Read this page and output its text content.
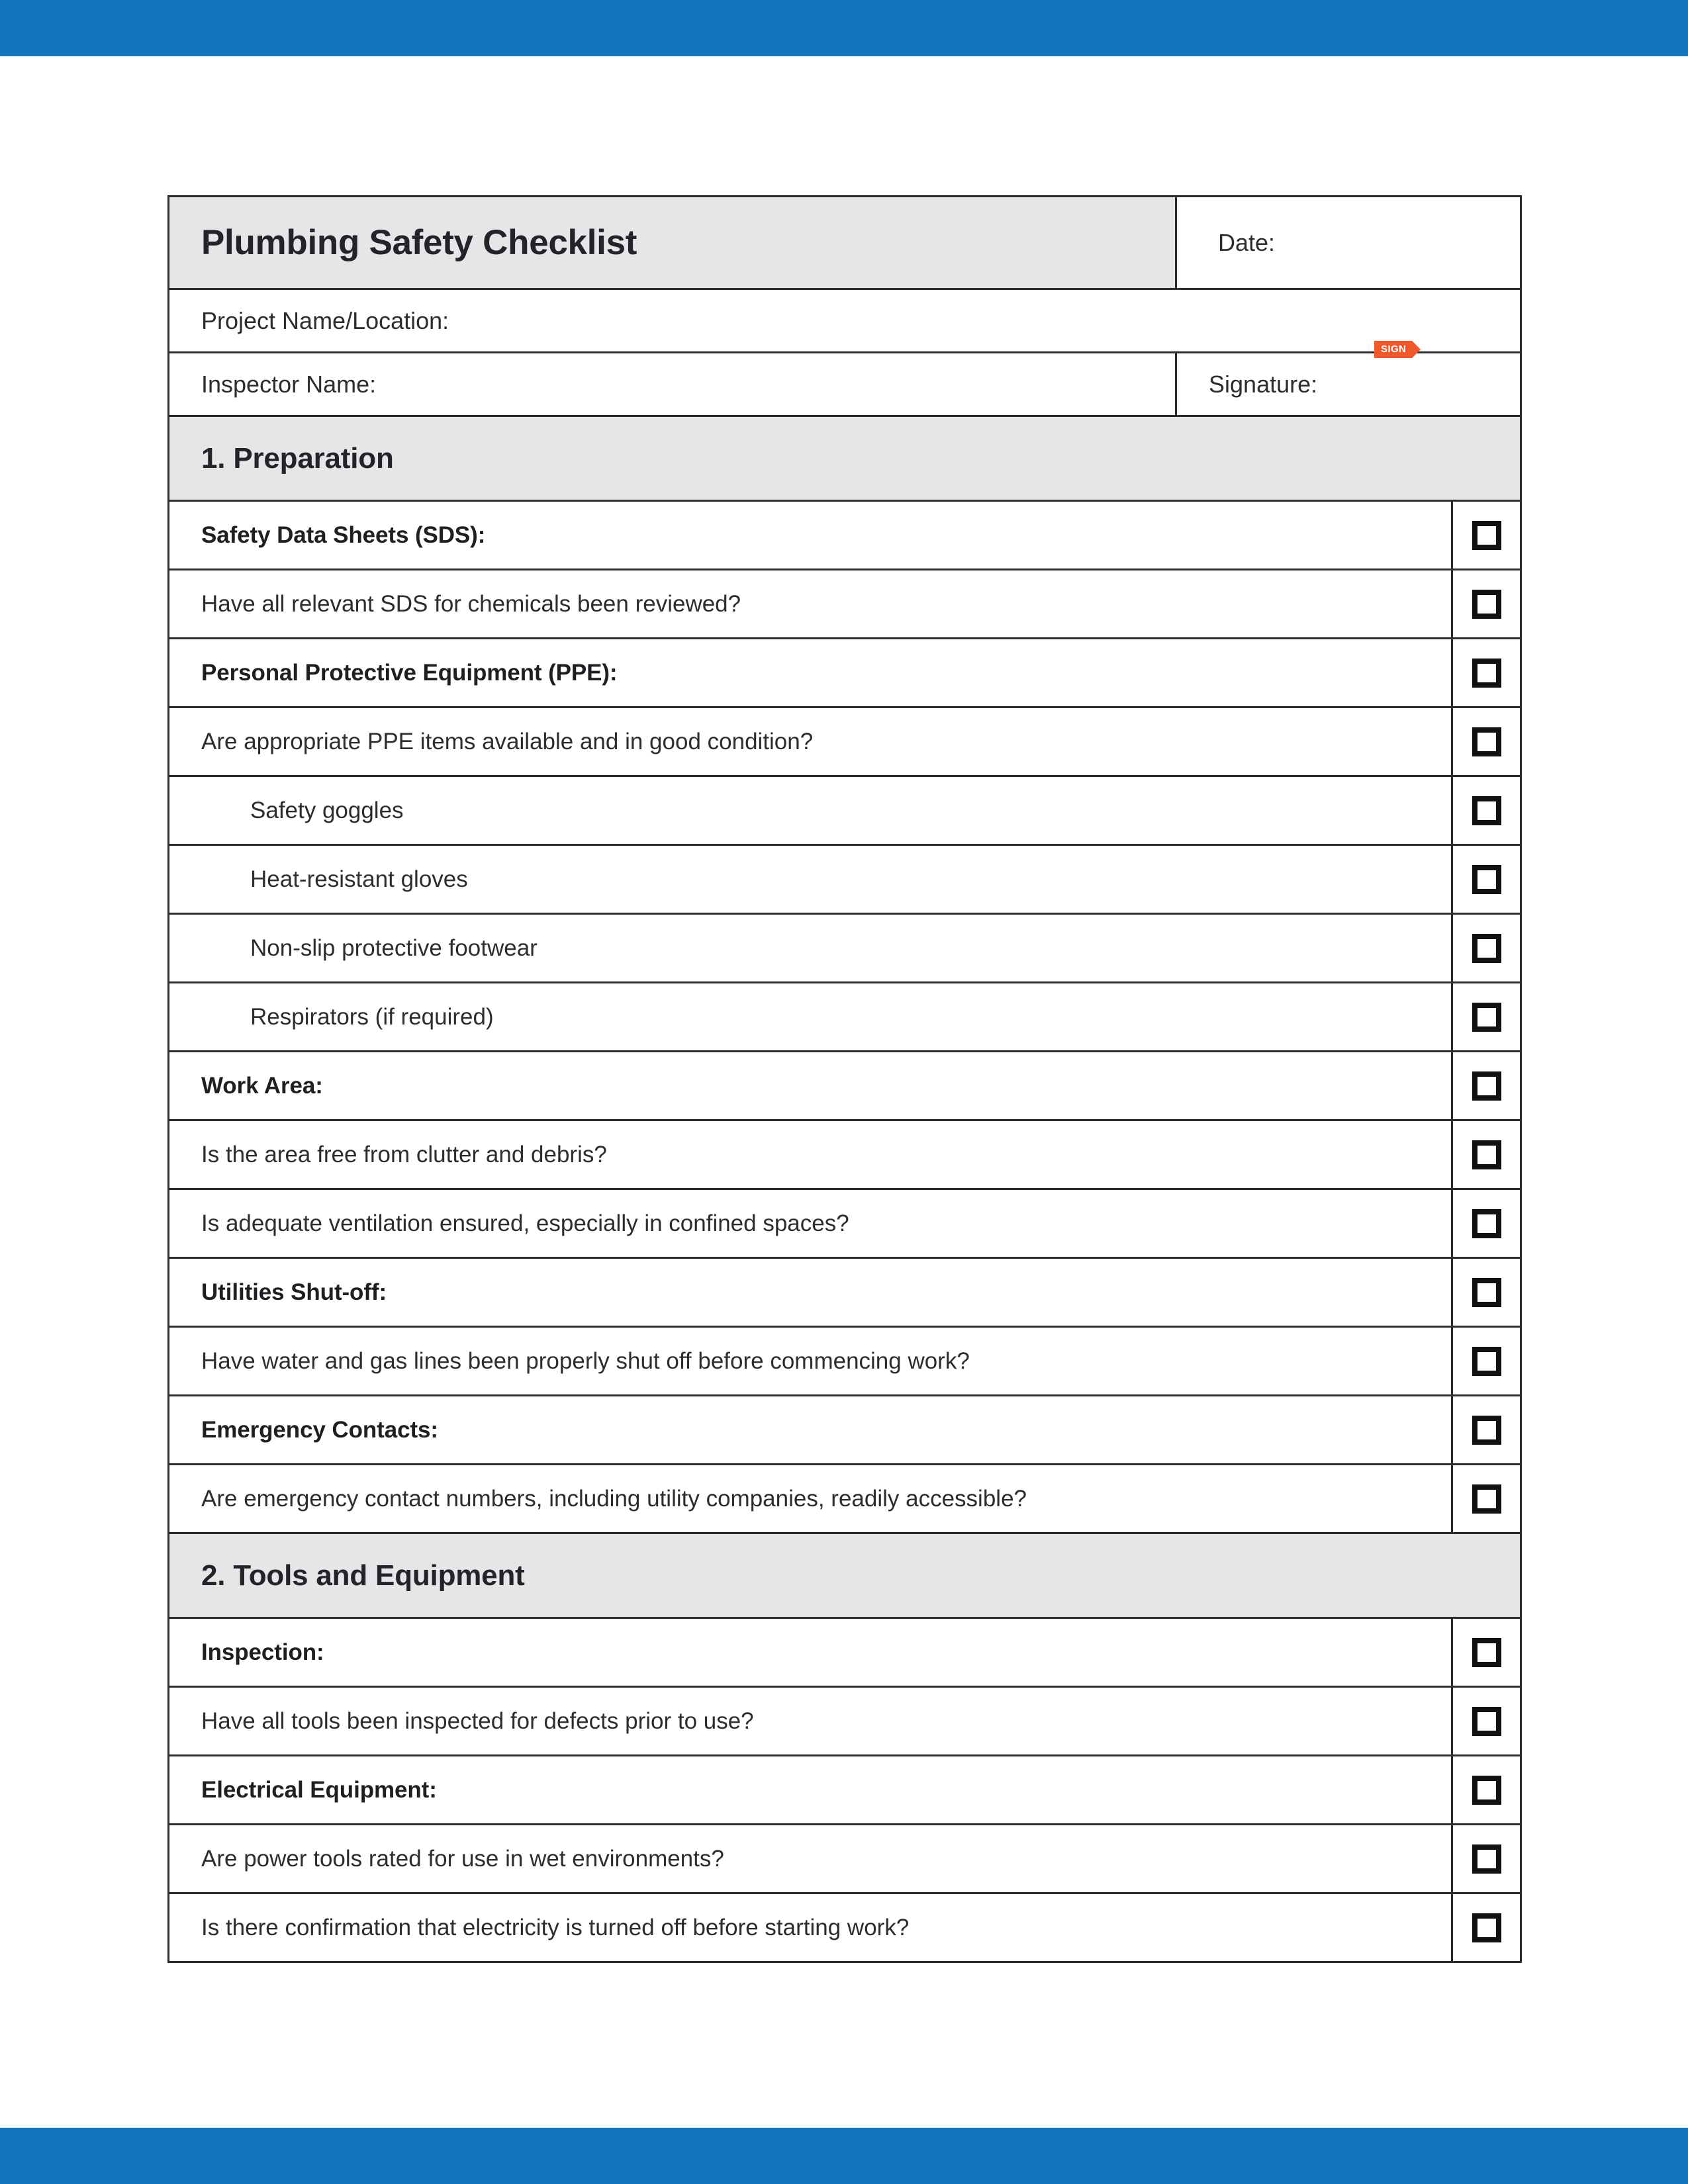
Plumbing Safety Checklist	Date:	
Project Name/Location:		
Inspector Name:	Signature:
SIGN	

1. Preparation		
Safety Data Sheets (SDS):		
Have all relevant SDS for chemicals been reviewed?		
Personal Protective Equipment (PPE):		
Are appropriate PPE items available and in good condition?		
Safety goggles		
Heat-resistant gloves		
Non-slip protective footwear		
Respirators (if required)		
Work Area:		
Is the area free from clutter and debris?		
Is adequate ventilation ensured, especially in confined spaces?		
Utilities Shut-off:		
Have water and gas lines been properly shut off before commencing work?		
Emergency Contacts:		
Are emergency contact numbers, including utility companies, readily accessible?		
2. Tools and Equipment		
Inspection:		
Have all tools been inspected for defects prior to use?		
Electrical Equipment:		
Are power tools rated for use in wet environments?		
Is there confirmation that electricity is turned off before starting work?		
